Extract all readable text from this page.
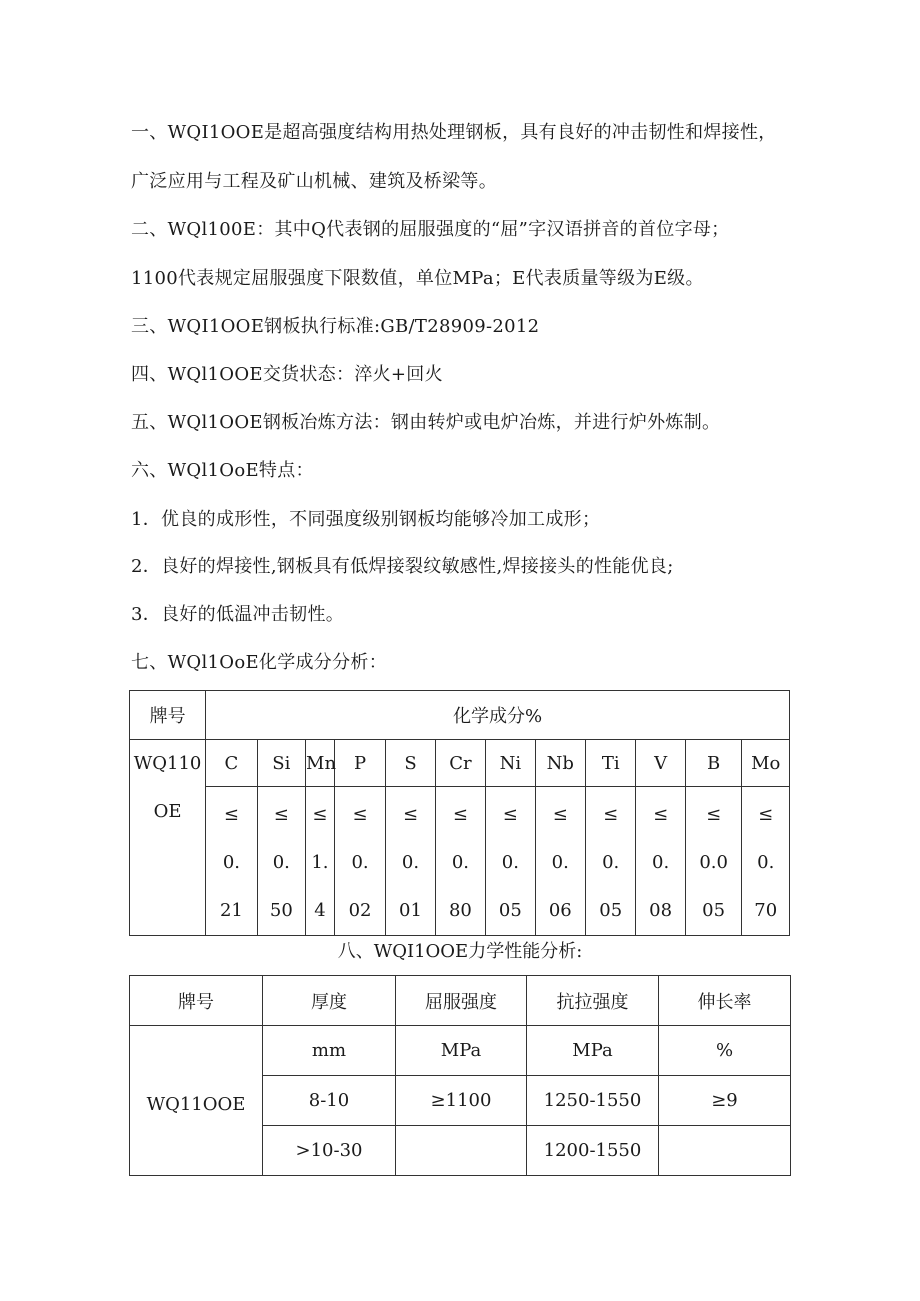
一、WQI1OOE是超高强度结构用热处理钢板，具有良好的冲击韧性和焊接性，
广泛应用与工程及矿山机械、建筑及桥梁等。
二、WQl100E：其中Q代表钢的屈服强度的“屈”字汉语拼音的首位字母；
1100代表规定屈服强度下限数值，单位MPa；E代表质量等级为E级。
三、WQI1OOE钢板执行标准:GB/T28909-2012
四、WQl1OOE交货状态：淬火+回火
五、WQl1OOE钢板冶炼方法：钢由转炉或电炉冶炼，并进行炉外炼制。
六、WQl1OoE特点：
1．优良的成形性，不同强度级别钢板均能够冷加工成形；
2．良好的焊接性,钢板具有低焊接裂纹敏感性,焊接接头的性能优良;
3．良好的低温冲击韧性。
七、WQl1OoE化学成分分析：
牌号	化学成分%											

WQ110
OE	C	Si	Mn	P	S	Cr	Ni	Nb	Ti	V	B	Mo

	≤
0.
21	≤
0.
50	≤
1.
4	≤
0.
02	≤
0.
01	≤
0.
80	≤
0.
05	≤
0.
06	≤
0.
05	≤
0.
08	≤
0.0
05	≤
0.
70
八、WQI1OOE力学性能分析:
牌号	厚度	屈服强度	抗拉强度	伸长率
WQ11OOE	mm	MPa	MPa	%
	8-10	≥1100	1250-1550	≥9
	>10-30		1200-1550	
